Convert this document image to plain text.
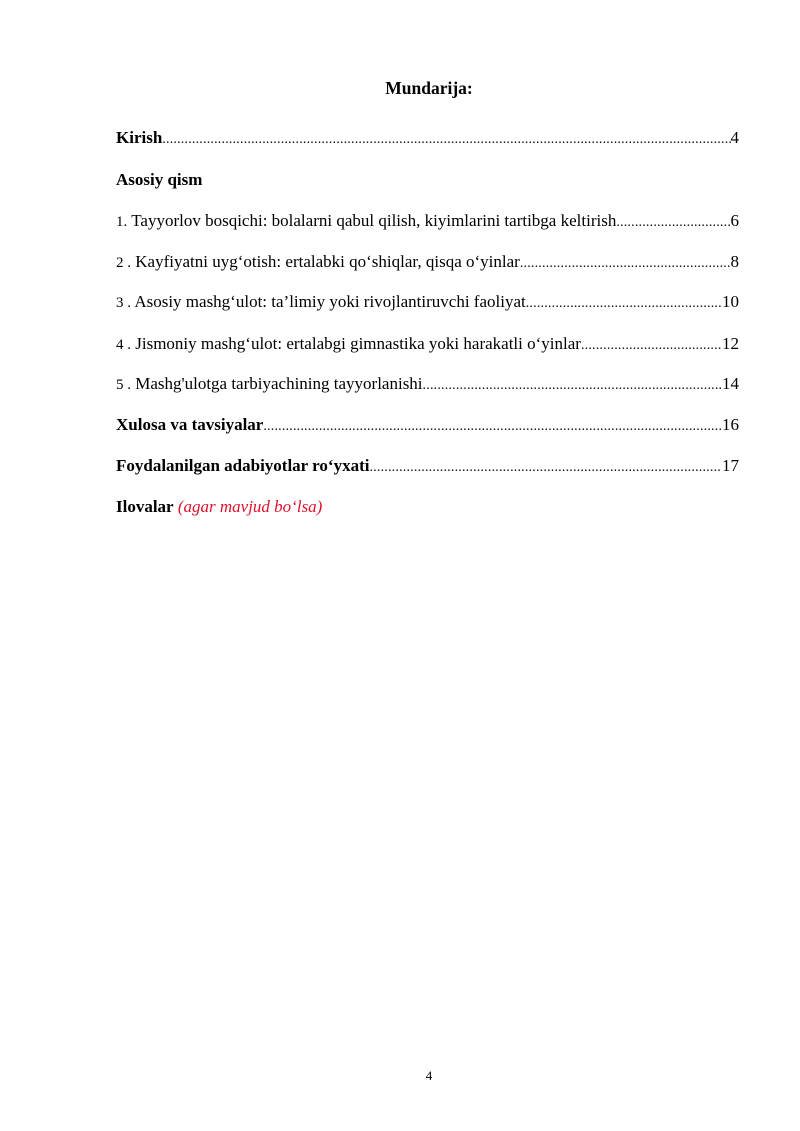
Mundarija:
Kirish .....	4
Asosiy qism
1. Tayyorlov bosqichi: bolalarni qabul qilish, kiyimlarini tartibga keltirish .....	6
2 . Kayfiyatni uyg‘otish: ertalabki qo‘shiqlar, qisqa o‘yinlar .....	8
3 . Asosiy mashg‘ulot: ta’limiy yoki rivojlantiruvchi faoliyat .....	10
4 . Jismoniy mashg‘ulot: ertalabgi gimnastika yoki harakatli o‘yinlar .....	12
5 . Mashg'ulotga tarbiyachining tayyorlanishi .....	14
Xulosa va tavsiyalar .....	16
Foydalanilgan adabiyotlar ro‘yxati .....	17
Ilovalar (agar mavjud bo‘lsa)
4
